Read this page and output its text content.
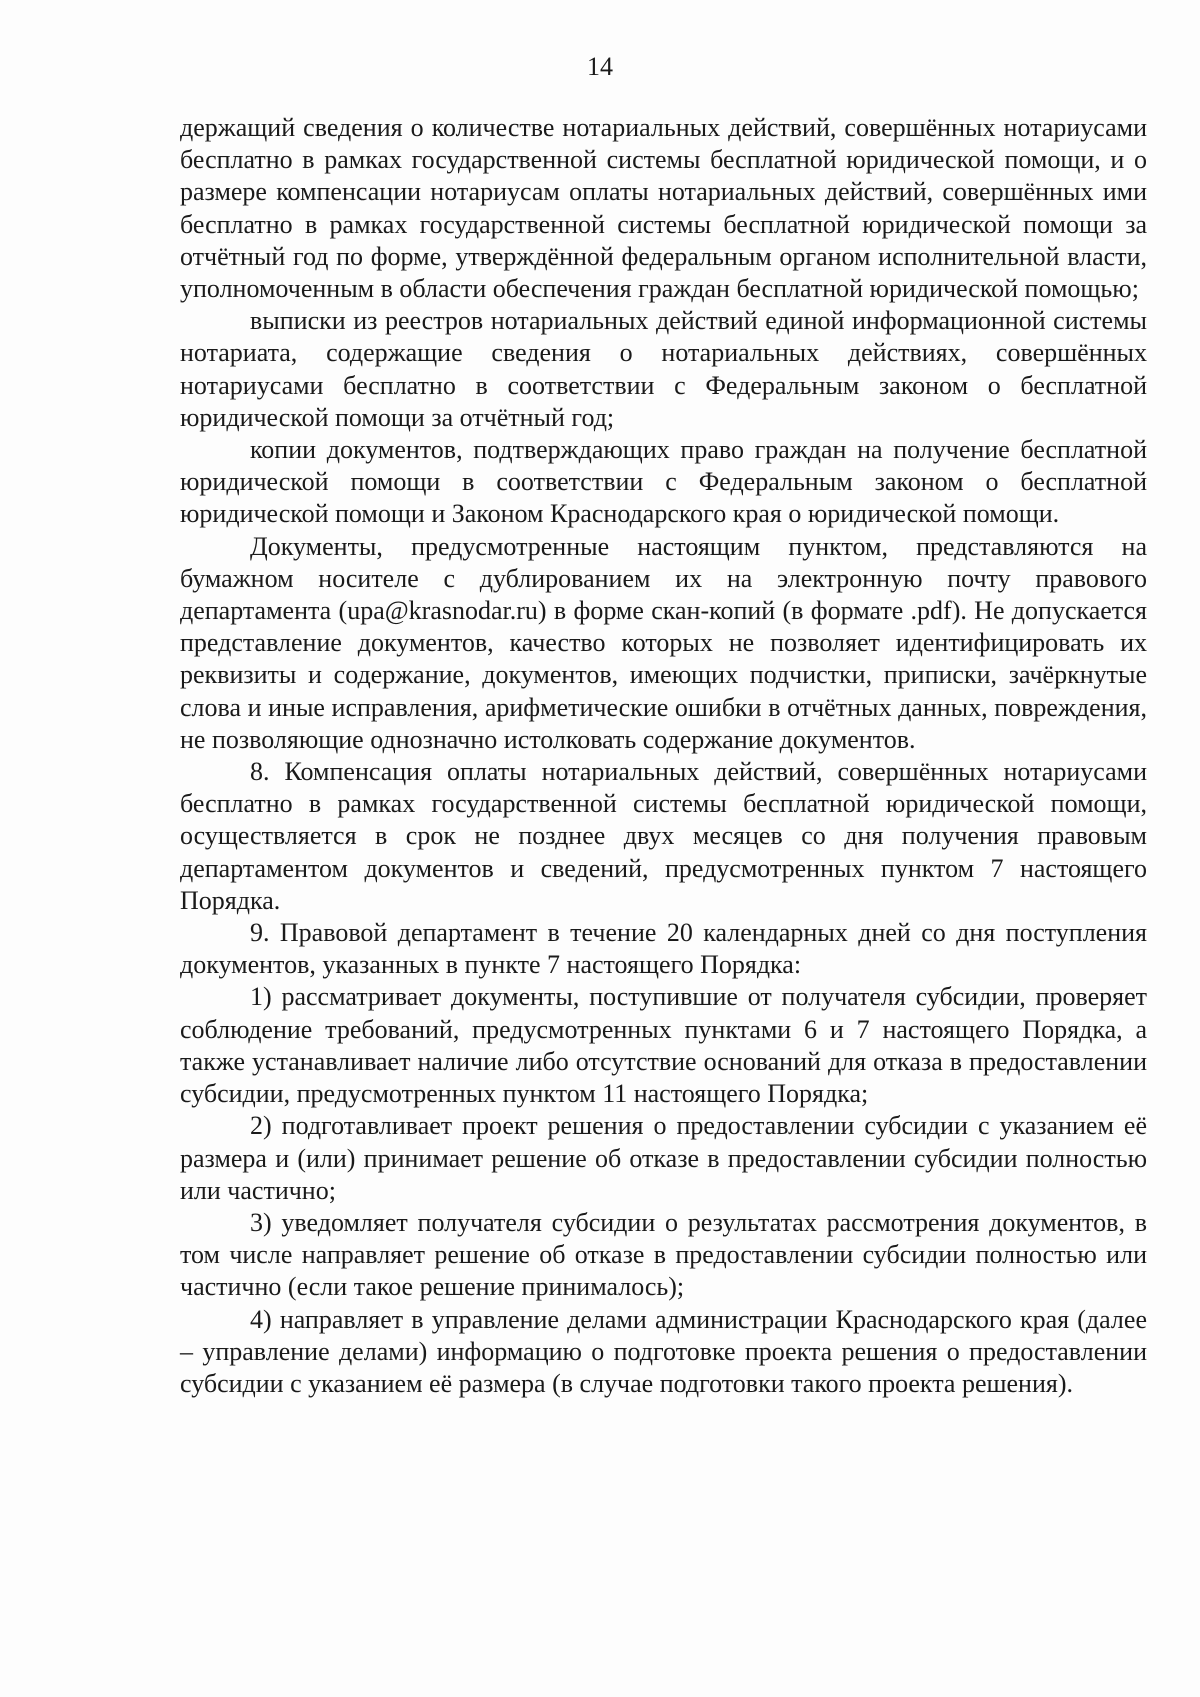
14

держащий сведения о количестве нотариальных действий, совершённых нотариусами бесплатно в рамках государственной системы бесплатной юридической помощи, и о размере компенсации нотариусам оплаты нотариальных действий, совершённых ими бесплатно в рамках государственной системы бесплатной юридической помощи за отчётный год по форме, утверждённой федеральным органом исполнительной власти, уполномоченным в области обеспечения граждан бесплатной юридической помощью;

выписки из реестров нотариальных действий единой информационной системы нотариата, содержащие сведения о нотариальных действиях, совершённых нотариусами бесплатно в соответствии с Федеральным законом о бесплатной юридической помощи за отчётный год;

копии документов, подтверждающих право граждан на получение бесплатной юридической помощи в соответствии с Федеральным законом о бесплатной юридической помощи и Законом Краснодарского края о юридической помощи.

Документы, предусмотренные настоящим пунктом, представляются на бумажном носителе с дублированием их на электронную почту правового департамента (upa@krasnodar.ru) в форме скан-копий (в формате .pdf). Не допускается представление документов, качество которых не позволяет идентифицировать их реквизиты и содержание, документов, имеющих подчистки, приписки, зачёркнутые слова и иные исправления, арифметические ошибки в отчётных данных, повреждения, не позволяющие однозначно истолковать содержание документов.

8. Компенсация оплаты нотариальных действий, совершённых нотариусами бесплатно в рамках государственной системы бесплатной юридической помощи, осуществляется в срок не позднее двух месяцев со дня получения правовым департаментом документов и сведений, предусмотренных пунктом 7 настоящего Порядка.

9. Правовой департамент в течение 20 календарных дней со дня поступления документов, указанных в пункте 7 настоящего Порядка:

1) рассматривает документы, поступившие от получателя субсидии, проверяет соблюдение требований, предусмотренных пунктами 6 и 7 настоящего Порядка, а также устанавливает наличие либо отсутствие оснований для отказа в предоставлении субсидии, предусмотренных пунктом 11 настоящего Порядка;

2) подготавливает проект решения о предоставлении субсидии с указанием её размера и (или) принимает решение об отказе в предоставлении субсидии полностью или частично;

3) уведомляет получателя субсидии о результатах рассмотрения документов, в том числе направляет решение об отказе в предоставлении субсидии полностью или частично (если такое решение принималось);

4) направляет в управление делами администрации Краснодарского края (далее – управление делами) информацию о подготовке проекта решения о предоставлении субсидии с указанием её размера (в случае подготовки такого проекта решения).
